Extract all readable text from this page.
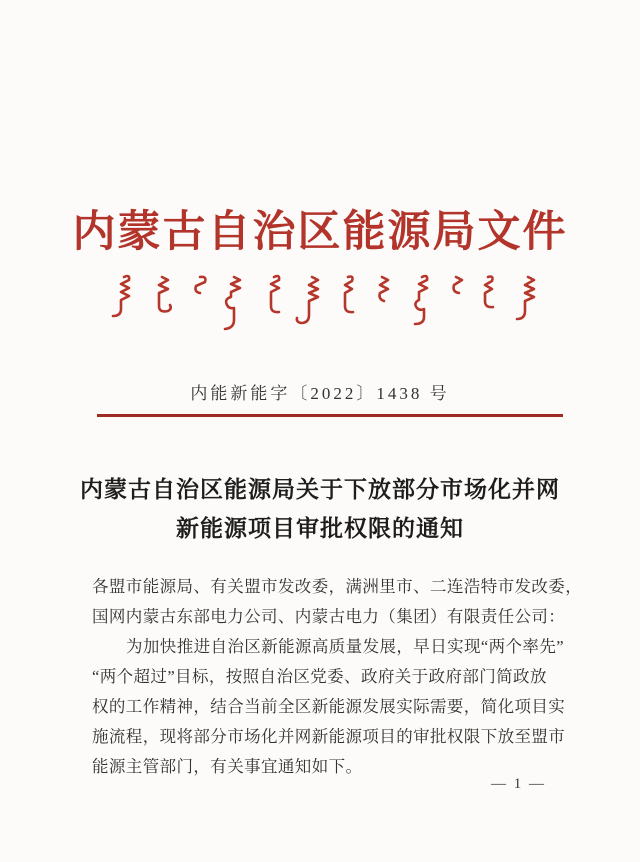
内蒙古自治区能源局文件
内能新能字〔2022〕1438 号
内蒙古自治区能源局关于下放部分市场化并网
新能源项目审批权限的通知
各盟市能源局、有关盟市发改委，满洲里市、二连浩特市发改委，
国网内蒙古东部电力公司、内蒙古电力（集团）有限责任公司：
为加快推进自治区新能源高质量发展，早日实现“两个率先”
“两个超过”目标，按照自治区党委、政府关于政府部门简政放
权的工作精神，结合当前全区新能源发展实际需要，简化项目实
施流程，现将部分市场化并网新能源项目的审批权限下放至盟市
能源主管部门，有关事宜通知如下。
— 1 —
